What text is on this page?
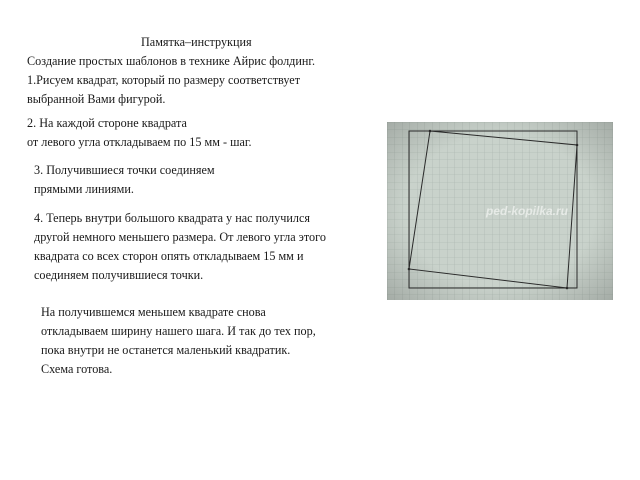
Памятка–инструкция

Создание простых шаблонов в технике Айрис фолдинг.
1.Рисуем квадрат, который по размеру соответствует
выбранной Вами фигурой.
2. На каждой стороне квадрата
от левого угла откладываем по 15 мм - шаг.
3. Получившиеся точки соединяем
прямыми линиями.
4. Теперь внутри большого квадрата у нас получился
другой немного меньшего размера. От левого угла этого
квадрата со всех сторон опять откладываем 15 мм и
соединяем получившиеся точки.
На получившемся меньшем квадрате снова
откладываем ширину нашего шага. И так до тех пор,
пока внутри не останется маленький квадратик.
Схема готова.
ped-kopilka.ru
